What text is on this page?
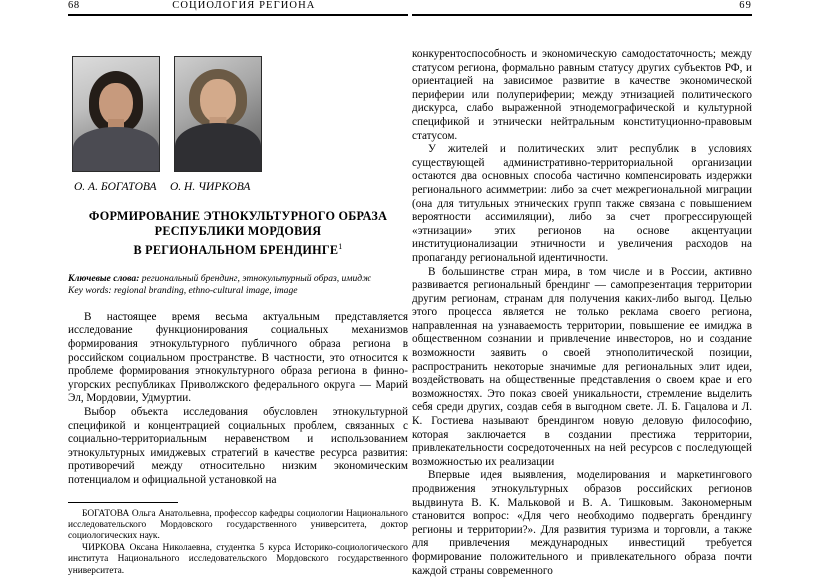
68	СОЦИОЛОГИЯ РЕГИОНА
О. А. БОГАТОВА	О. Н. ЧИРКОВА
ФОРМИРОВАНИЕ ЭТНОКУЛЬТУРНОГО ОБРАЗА
РЕСПУБЛИКИ МОРДОВИЯ
В РЕГИОНАЛЬНОМ БРЕНДИНГЕ$^1$
Ключевые слова: региональный брендинг, этнокультурный образ, имидж
Key words: regional branding, ethno-cultural image, image

В настоящее время весьма актуальным представляется исследование функционирования социальных механизмов формирования этнокультурного публичного образа региона в российском социальном пространстве. В частности, это относится к проблеме формирования этнокультурного образа региона в финно-угорских республиках Приволжского федерального округа — Марий Эл, Мордовии, Удмуртии.

Выбор объекта исследования обусловлен этнокультурной спецификой и концентрацией социальных проблем, связанных с социально-территориальным неравенством и использованием этнокультурных имиджевых стратегий в качестве ресурса развития: противоречий между относительно низким экономическим потенциалом и официальной установкой на

БОГАТОВА Ольга Анатольевна, профессор кафедры социологии Национального исследовательского Мордовского государственного университета, доктор социологических наук.

ЧИРКОВА Оксана Николаевна, студентка 5 курса Историко-социологического института Национального исследовательского Мордовского государственного университета.

69

конкурентоспособность и экономическую самодостаточность; между статусом региона, формально равным статусу других субъектов РФ, и ориентацией на зависимое развитие в качестве экономической периферии или полупериферии; между этнизацией политического дискурса, слабо выраженной этнодемографической и культурной спецификой и этнически нейтральным конституционно-правовым статусом.

У жителей и политических элит республик в условиях существующей административно-территориальной организации остаются два основных способа частично компенсировать издержки регионального асимметрии: либо за счет межрегиональной миграции (она для титульных этнических групп также связана с повышением вероятности ассимиляции), либо за счет прогрессирующей «этнизации» этих регионов на основе акцентуации институционализации этничности и увеличения расходов на пропаганду региональной идентичности.

В большинстве стран мира, в том числе и в России, активно развивается региональный брендинг — самопрезентация территории другим регионам, странам для получения каких-либо выгод. Целью этого процесса является не только реклама своего региона, направленная на узнаваемость территории, повышение ее имиджа в общественном сознании и привлечение инвесторов, но и создание возможности заявить о своей этнополитической позиции, распространить некоторые значимые для региональных элит идеи, воздействовать на общественные представления о своем крае и его возможностях. Это показ своей уникальности, стремление выделить себя среди других, создав себя в выгодном свете. Л. Б. Гацалова и Л. К. Гостиева называют брендингом новую деловую философию, которая заключается в создании престижа территории, привлекательности сосредоточенных на ней ресурсов с последующей возможностью их реализации

Впервые идея выявления, моделирования и маркетингового продвижения этнокультурных образов российских регионов выдвинута В. К. Мальковой и В. А. Тишковым. Закономерным становится вопрос: «Для чего необходимо подвергать брендингу регионы и территории?». Для развития туризма и торговли, а также для привлечения международных инвестиций требуется формирование положительного и привлекательного образа почти каждой страны современного
